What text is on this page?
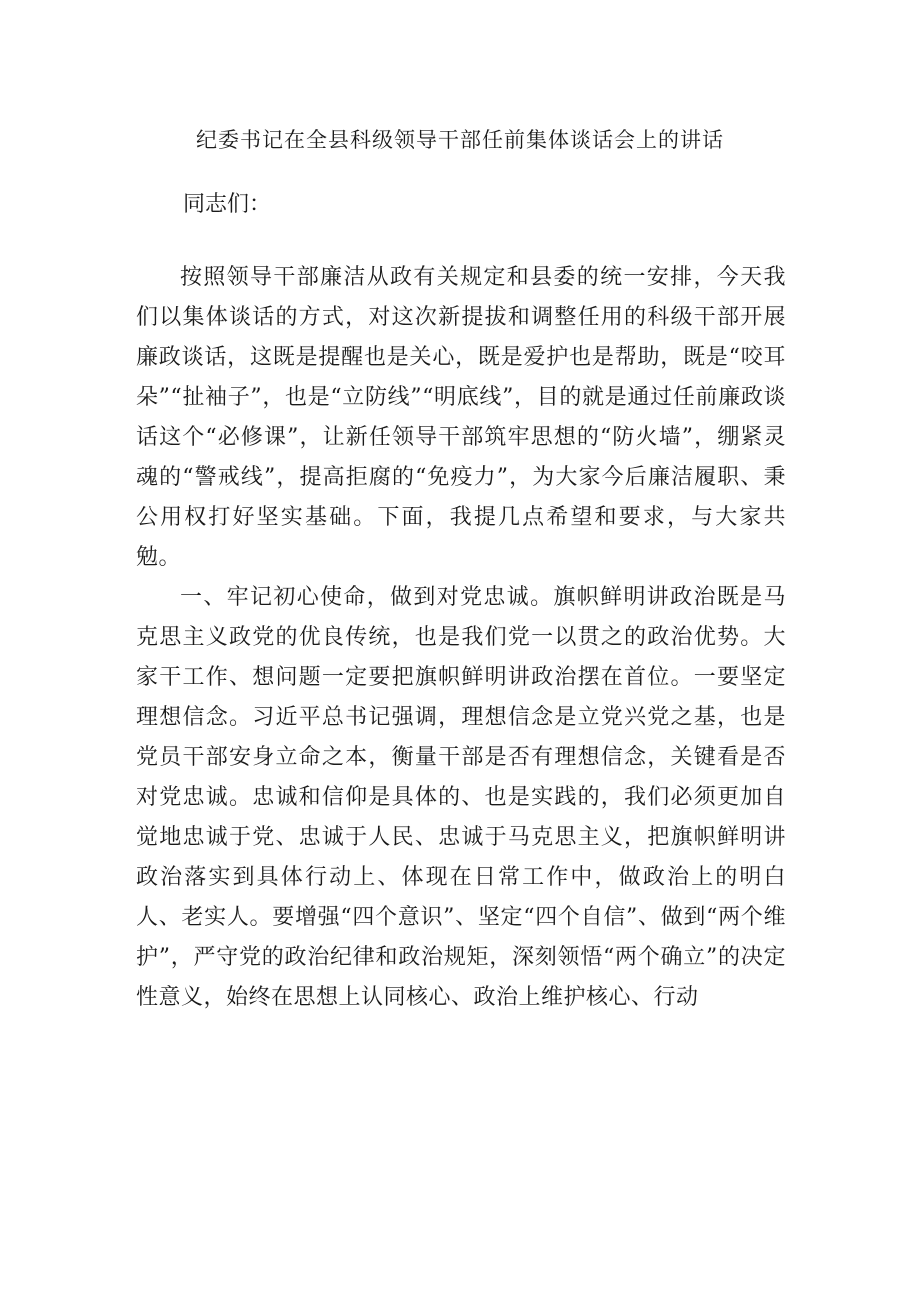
纪委书记在全县科级领导干部任前集体谈话会上的讲话

同志们：

按照领导干部廉洁从政有关规定和县委的统一安排，今天我们以集体谈话的方式，对这次新提拔和调整任用的科级干部开展廉政谈话，这既是提醒也是关心，既是爱护也是帮助，既是“咬耳朵”“扯袖子”，也是“立防线”“明底线”，目的就是通过任前廉政谈话这个“必修课”，让新任领导干部筑牢思想的“防火墙”，绷紧灵魂的“警戒线”，提高拒腐的“免疫力”，为大家今后廉洁履职、秉公用权打好坚实基础。下面，我提几点希望和要求，与大家共勉。

一、牢记初心使命，做到对党忠诚。旗帜鲜明讲政治既是马克思主义政党的优良传统，也是我们党一以贯之的政治优势。大家干工作、想问题一定要把旗帜鲜明讲政治摆在首位。一要坚定理想信念。习近平总书记强调，理想信念是立党兴党之基，也是党员干部安身立命之本，衡量干部是否有理想信念，关键看是否对党忠诚。忠诚和信仰是具体的、也是实践的，我们必须更加自觉地忠诚于党、忠诚于人民、忠诚于马克思主义，把旗帜鲜明讲政治落实到具体行动上、体现在日常工作中，做政治上的明白人、老实人。要增强“四个意识”、坚定“四个自信”、做到“两个维护”，严守党的政治纪律和政治规矩，深刻领悟“两个确立”的决定性意义，始终在思想上认同核心、政治上维护核心、行动
